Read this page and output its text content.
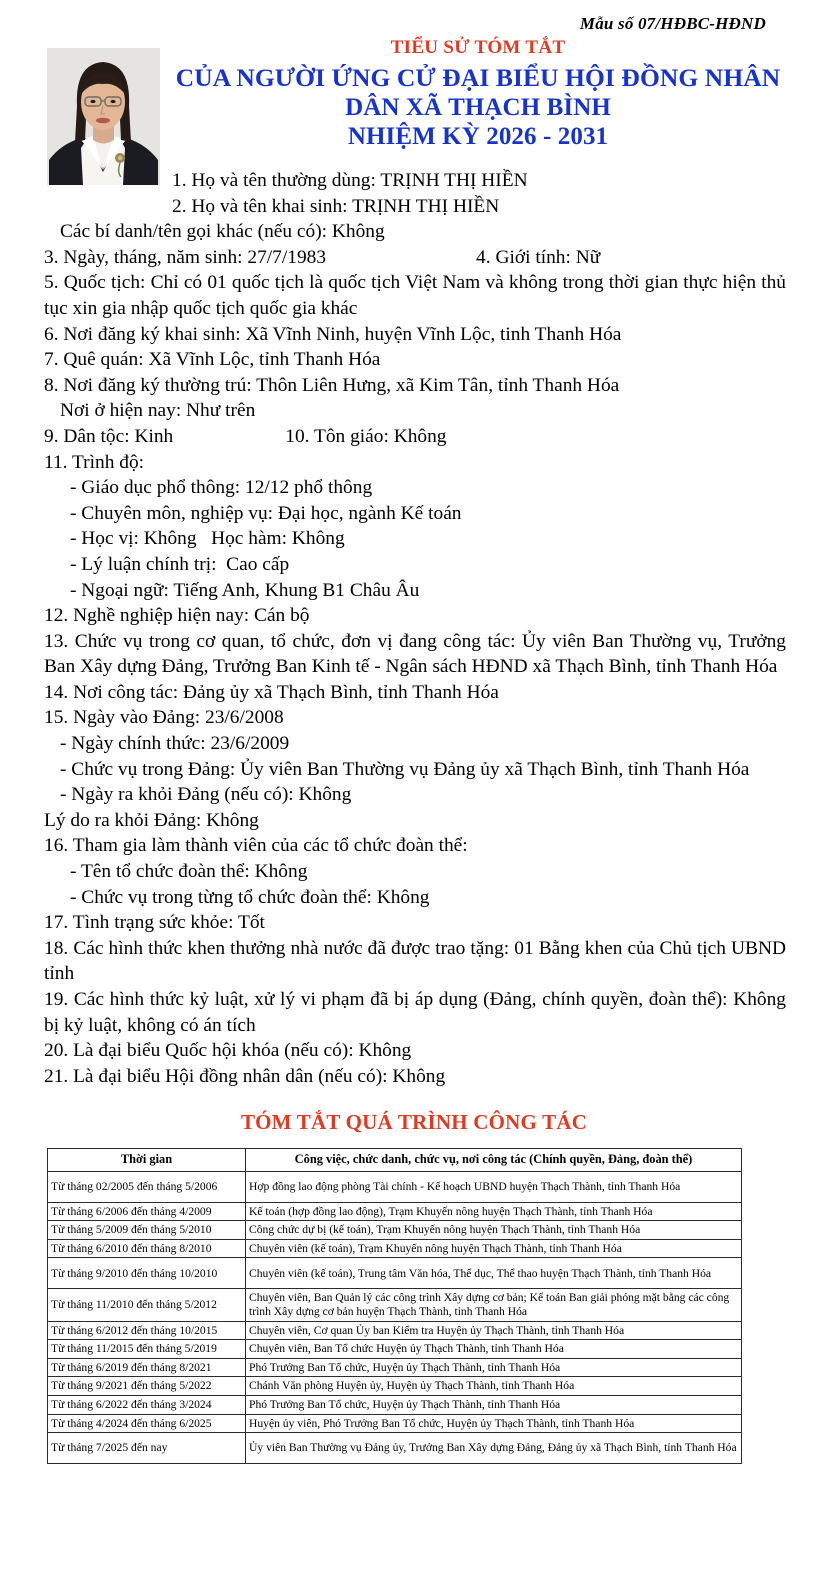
Mẫu số 07/HĐBC-HĐND
TIỂU SỬ TÓM TẮT
CỦA NGƯỜI ỨNG CỬ ĐẠI BIỂU HỘI ĐỒNG NHÂN
DÂN XÃ THẠCH BÌNH
NHIỆM KỲ 2026 - 2031

1. Họ và tên thường dùng: TRỊNH THỊ HIỀN

2. Họ và tên khai sinh: TRỊNH THỊ HIỀN

Các bí danh/tên gọi khác (nếu có): Không

3. Ngày, tháng, năm sinh: 27/7/1983	4. Giới tính: Nữ

5. Quốc tịch: Chỉ có 01 quốc tịch là quốc tịch Việt Nam và không trong thời gian thực hiện thủ tục xin gia nhập quốc tịch quốc gia khác

6. Nơi đăng ký khai sinh: Xã Vĩnh Ninh, huyện Vĩnh Lộc, tinh Thanh Hóa

7. Quê quán: Xã Vĩnh Lộc, tỉnh Thanh Hóa

8. Nơi đăng ký thường trú: Thôn Liên Hưng, xã Kim Tân, tỉnh Thanh Hóa

Nơi ở hiện nay: Như trên

9. Dân tộc: Kinh	10. Tôn giáo: Không

11. Trình độ:

- Giáo dục phổ thông: 12/12 phổ thông

- Chuyên môn, nghiệp vụ: Đại học, ngành Kế toán

- Học vị: Không   Học hàm: Không

- Lý luận chính trị:  Cao cấp

- Ngoại ngữ: Tiếng Anh, Khung B1 Châu Âu

12. Nghề nghiệp hiện nay: Cán bộ

13. Chức vụ trong cơ quan, tổ chức, đơn vị đang công tác: Ủy viên Ban Thường vụ, Trưởng Ban Xây dựng Đảng, Trưởng Ban Kinh tế - Ngân sách HĐND xã Thạch Bình, tỉnh Thanh Hóa

14. Nơi công tác: Đảng ủy xã Thạch Bình, tỉnh Thanh Hóa

15. Ngày vào Đảng: 23/6/2008

- Ngày chính thức: 23/6/2009

- Chức vụ trong Đảng: Ủy viên Ban Thường vụ Đảng ủy xã Thạch Bình, tỉnh Thanh Hóa

- Ngày ra khỏi Đảng (nếu có): Không

Lý do ra khỏi Đảng: Không

16. Tham gia làm thành viên của các tổ chức đoàn thể:

- Tên tổ chức đoàn thể: Không

- Chức vụ trong từng tổ chức đoàn thể: Không

17. Tình trạng sức khỏe: Tốt

18. Các hình thức khen thưởng nhà nước đã được trao tặng: 01 Bằng khen của Chủ tịch UBND tỉnh

19. Các hình thức kỷ luật, xử lý vi phạm đã bị áp dụng (Đảng, chính quyền, đoàn thể): Không bị kỷ luật, không có án tích

20. Là đại biểu Quốc hội khóa (nếu có): Không

21. Là đại biểu Hội đồng nhân dân (nếu có): Không

TÓM TẮT QUÁ TRÌNH CÔNG TÁC
Thời gian	Công việc, chức danh, chức vụ, nơi công tác (Chính quyền, Đảng, đoàn thể)
Từ tháng 02/2005 đến tháng 5/2006	Hợp đồng lao động phòng Tài chính - Kế hoạch UBND huyện Thạch Thành, tỉnh Thanh Hóa
Từ tháng 6/2006 đến tháng 4/2009	Kế toán (hợp đồng lao động), Trạm Khuyến nông huyện Thạch Thành, tỉnh Thanh Hóa
Từ tháng 5/2009 đến tháng 5/2010	Công chức dự bị (kế toán), Trạm Khuyến nông huyện Thạch Thành, tỉnh Thanh Hóa
Từ tháng 6/2010 đến tháng 8/2010	Chuyên viên (kế toán), Trạm Khuyến nông huyện Thạch Thành, tỉnh Thanh Hóa
Từ tháng 9/2010 đến tháng 10/2010	Chuyên viên (kế toán), Trung tâm Văn hóa, Thể dục, Thể thao huyện Thạch Thành, tỉnh Thanh Hóa
Từ tháng 11/2010 đến tháng 5/2012	Chuyên viên, Ban Quản lý các công trình Xây dựng cơ bản; Kế toán Ban giải phóng mặt bằng các công trình Xây dựng cơ bản huyện Thạch Thành, tỉnh Thanh Hóa
Từ tháng 6/2012 đến tháng 10/2015	Chuyên viên, Cơ quan Ủy ban Kiểm tra Huyện ủy Thạch Thành, tỉnh Thanh Hóa
Từ tháng 11/2015 đến tháng 5/2019	Chuyên viên, Ban Tổ chức Huyện ủy Thạch Thành, tỉnh Thanh Hóa
Từ tháng 6/2019 đến tháng 8/2021	Phó Trưởng Ban Tổ chức, Huyện ủy Thạch Thành, tỉnh Thanh Hóa
Từ tháng 9/2021 đến tháng 5/2022	Chánh Văn phòng Huyện ủy, Huyện ủy Thạch Thành, tỉnh Thanh Hóa
Từ tháng 6/2022 đến tháng 3/2024	Phó Trưởng Ban Tổ chức, Huyện ủy Thạch Thành, tỉnh Thanh Hóa
Từ tháng 4/2024 đến tháng 6/2025	Huyện ủy viên, Phó Trưởng Ban Tổ chức, Huyện ủy Thạch Thành, tỉnh Thanh Hóa
Từ tháng 7/2025 đến nay	Ủy viên Ban Thường vụ Đảng ủy, Trưởng Ban Xây dựng Đảng, Đảng ủy xã Thạch Bình, tỉnh Thanh Hóa
